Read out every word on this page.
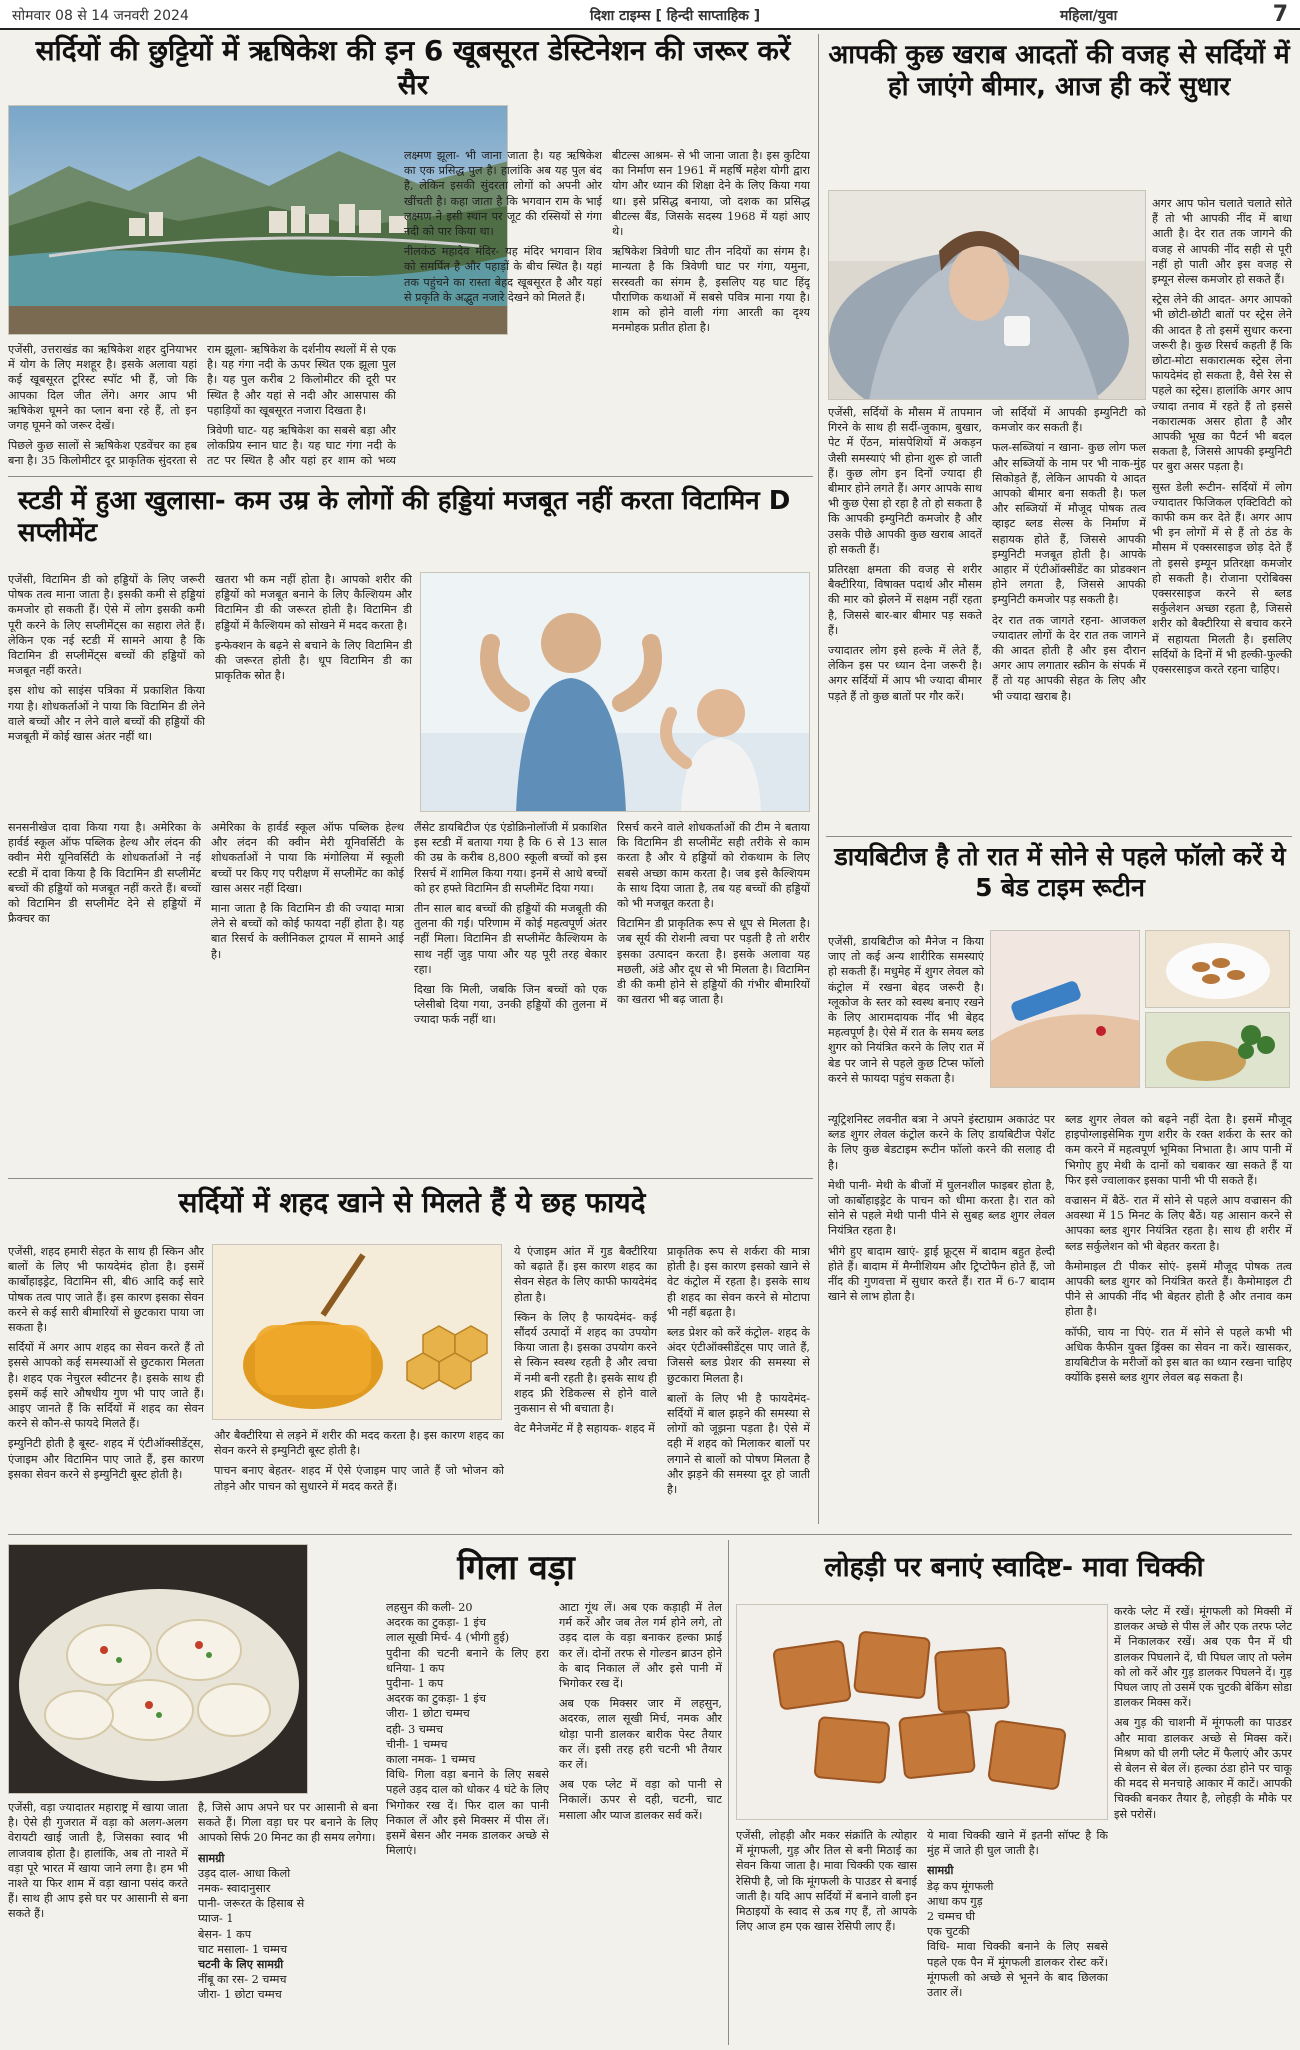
सोमवार 08 से 14 जनवरी 2024	दिशा टाइम्स [ हिन्दी साप्ताहिक ]	महिला/युवा	7
सर्दियों की छुट्टियों में ऋषिकेश की इन 6 खूबसूरत डेस्टिनेशन की जरूर करें सैर

एजेंसी, उत्तराखंड का ऋषिकेश शहर दुनियाभर में योग के लिए मशहूर है। इसके अलावा यहां कई खूबसूरत टूरिस्ट स्पॉट भी हैं, जो कि आपका दिल जीत लेंगे। अगर आप भी ऋषिकेश घूमने का प्लान बना रहे हैं, तो इन जगह घूमने को जरूर देखें।

पिछले कुछ सालों से ऋषिकेश एडवेंचर का हब बना है। 35 किलोमीटर दूर प्राकृतिक सुंदरता से

राम झूला- ऋषिकेश के दर्शनीय स्थलों में से एक है। यह गंगा नदी के ऊपर स्थित एक झूला पुल है। यह पुल करीब 2 किलोमीटर की दूरी पर स्थित है और यहां से नदी और आसपास की पहाड़ियों का खूबसूरत नजारा दिखता है।

त्रिवेणी घाट- यह ऋषिकेश का सबसे बड़ा और लोकप्रिय स्नान घाट है। यह घाट गंगा नदी के तट पर स्थित है और यहां हर शाम को भव्य

लक्ष्मण झूला- भी जाना जाता है। यह ऋषिकेश का एक प्रसिद्ध पुल है। हालांकि अब यह पुल बंद है, लेकिन इसकी सुंदरता लोगों को अपनी ओर खींचती है। कहा जाता है कि भगवान राम के भाई लक्ष्मण ने इसी स्थान पर जूट की रस्सियों से गंगा नदी को पार किया था।

नीलकंठ महादेव मंदिर- यह मंदिर भगवान शिव को समर्पित है और पहाड़ों के बीच स्थित है। यहां तक पहुंचने का रास्ता बेहद खूबसूरत है और यहां से प्रकृति के अद्भुत नजारे देखने को मिलते हैं।

बीटल्स आश्रम- से भी जाना जाता है। इस कुटिया का निर्माण सन 1961 में महर्षि महेश योगी द्वारा योग और ध्यान की शिक्षा देने के लिए किया गया था। इसे प्रसिद्ध बनाया, जो दशक का प्रसिद्ध बीटल्स बैंड, जिसके सदस्य 1968 में यहां आए थे।

ऋषिकेश त्रिवेणी घाट तीन नदियों का संगम है। मान्यता है कि त्रिवेणी घाट पर गंगा, यमुना, सरस्वती का संगम है, इसलिए यह घाट हिंदू पौराणिक कथाओं में सबसे पवित्र माना गया है। शाम को होने वाली गंगा आरती का दृश्य मनमोहक प्रतीत होता है।

आपकी कुछ खराब आदतों की वजह से सर्दियों में हो जाएंगे बीमार, आज ही करें सुधार

अगर आप फोन चलाते चलाते सोते हैं तो भी आपकी नींद में बाधा आती है। देर रात तक जागने की वजह से आपकी नींद सही से पूरी नहीं हो पाती और इस वजह से इम्यून सेल्स कमजोर हो सकते हैं।

स्ट्रेस लेने की आदत- अगर आपको भी छोटी-छोटी बातों पर स्ट्रेस लेने की आदत है तो इसमें सुधार करना जरूरी है। कुछ रिसर्च कहती हैं कि छोटा-मोटा सकारात्मक स्ट्रेस लेना फायदेमंद हो सकता है, वैसे रेस से पहले का स्ट्रेस। हालांकि अगर आप ज्यादा तनाव में रहते हैं तो इससे नकारात्मक असर होता है और आपकी भूख का पैटर्न भी बदल सकता है, जिससे आपकी इम्युनिटी पर बुरा असर पड़ता है।

सुस्त डेली रूटीन- सर्दियों में लोग ज्यादातर फिजिकल एक्टिविटी को काफी कम कर देते हैं। अगर आप भी इन लोगों में से हैं तो ठंड के मौसम में एक्सरसाइज छोड़ देते हैं तो इससे इम्यून प्रतिरक्षा कमजोर हो सकती है। रोजाना एरोबिक्स एक्सरसाइज करने से ब्लड सर्कुलेशन अच्छा रहता है, जिससे शरीर को बैक्टीरिया से बचाव करने में सहायता मिलती है। इसलिए सर्दियों के दिनों में भी हल्की-फुल्की एक्सरसाइज करते रहना चाहिए।

एजेंसी, सर्दियों के मौसम में तापमान गिरने के साथ ही सर्दी-जुकाम, बुखार, पेट में ऐंठन, मांसपेशियों में अकड़न जैसी समस्याएं भी होना शुरू हो जाती हैं। कुछ लोग इन दिनों ज्यादा ही बीमार होने लगते हैं। अगर आपके साथ भी कुछ ऐसा हो रहा है तो हो सकता है कि आपकी इम्युनिटी कमजोर है और उसके पीछे आपकी कुछ खराब आदतें हो सकती हैं।

प्रतिरक्षा क्षमता की वजह से शरीर बैक्टीरिया, विषाक्त पदार्थ और मौसम की मार को झेलने में सक्षम नहीं रहता है, जिससे बार-बार बीमार पड़ सकते हैं।

ज्यादातर लोग इसे हल्के में लेते हैं, लेकिन इस पर ध्यान देना जरूरी है। अगर सर्दियों में आप भी ज्यादा बीमार पड़ते हैं तो कुछ बातों पर गौर करें।

जो सर्दियों में आपकी इम्युनिटी को कमजोर कर सकती हैं।

फल-सब्जियां न खाना- कुछ लोग फल और सब्जियों के नाम पर भी नाक-मुंह सिकोड़ते हैं, लेकिन आपकी ये आदत आपको बीमार बना सकती है। फल और सब्जियों में मौजूद पोषक तत्व व्हाइट ब्लड सेल्स के निर्माण में सहायक होते हैं, जिससे आपकी इम्युनिटी मजबूत होती है। आपके आहार में एंटीऑक्सीडेंट का प्रोडक्शन होने लगता है, जिससे आपकी इम्युनिटी कमजोर पड़ सकती है।

देर रात तक जागते रहना- आजकल ज्यादातर लोगों के देर रात तक जागने की आदत होती है और इस दौरान अगर आप लगातार स्क्रीन के संपर्क में हैं तो यह आपकी सेहत के लिए और भी ज्यादा खराब है।

स्टडी में हुआ खुलासा- कम उम्र के लोगों की हड्डियां मजबूत नहीं करता विटामिन D सप्लीमेंट

एजेंसी, विटामिन डी को हड्डियों के लिए जरूरी पोषक तत्व माना जाता है। इसकी कमी से हड्डियां कमजोर हो सकती हैं। ऐसे में लोग इसकी कमी पूरी करने के लिए सप्लीमेंट्स का सहारा लेते हैं। लेकिन एक नई स्टडी में सामने आया है कि विटामिन डी सप्लीमेंट्स बच्चों की हड्डियों को मजबूत नहीं करते।

इस शोध को साइंस पत्रिका में प्रकाशित किया गया है। शोधकर्ताओं ने पाया कि विटामिन डी लेने वाले बच्चों और न लेने वाले बच्चों की हड्डियों की मजबूती में कोई खास अंतर नहीं था।

खतरा भी कम नहीं होता है। आपको शरीर की हड्डियों को मजबूत बनाने के लिए कैल्शियम और विटामिन डी की जरूरत होती है। विटामिन डी हड्डियों में कैल्शियम को सोखने में मदद करता है।

इन्फेक्शन के बढ़ने से बचाने के लिए विटामिन डी की जरूरत होती है। धूप विटामिन डी का प्राकृतिक स्रोत है।

सनसनीखेज दावा किया गया है। अमेरिका के हार्वर्ड स्कूल ऑफ पब्लिक हेल्थ और लंदन की क्वीन मेरी यूनिवर्सिटी के शोधकर्ताओं ने नई स्टडी में दावा किया है कि विटामिन डी सप्लीमेंट बच्चों की हड्डियों को मजबूत नहीं करते हैं। बच्चों को विटामिन डी सप्लीमेंट देने से हड्डियों में फ्रैक्चर का

अमेरिका के हार्वर्ड स्कूल ऑफ पब्लिक हेल्थ और लंदन की क्वीन मेरी यूनिवर्सिटी के शोधकर्ताओं ने पाया कि मंगोलिया में स्कूली बच्चों पर किए गए परीक्षण में सप्लीमेंट का कोई खास असर नहीं दिखा।

माना जाता है कि विटामिन डी की ज्यादा मात्रा लेने से बच्चों को कोई फायदा नहीं होता है। यह बात रिसर्च के क्लीनिकल ट्रायल में सामने आई है।

लैंसेट डायबिटीज एंड एंडोक्रिनोलॉजी में प्रकाशित इस स्टडी में बताया गया है कि 6 से 13 साल की उम्र के करीब 8,800 स्कूली बच्चों को इस रिसर्च में शामिल किया गया। इनमें से आधे बच्चों को हर हफ्ते विटामिन डी सप्लीमेंट दिया गया।

तीन साल बाद बच्चों की हड्डियों की मजबूती की तुलना की गई। परिणाम में कोई महत्वपूर्ण अंतर नहीं मिला। विटामिन डी सप्लीमेंट कैल्शियम के साथ नहीं जुड़ पाया और यह पूरी तरह बेकार रहा।

दिखा कि मिली, जबकि जिन बच्चों को एक प्लेसीबो दिया गया, उनकी हड्डियों की तुलना में ज्यादा फर्क नहीं था।

रिसर्च करने वाले शोधकर्ताओं की टीम ने बताया कि विटामिन डी सप्लीमेंट सही तरीके से काम करता है और ये हड्डियों को रोकथाम के लिए सबसे अच्छा काम करता है। जब इसे कैल्शियम के साथ दिया जाता है, तब यह बच्चों की हड्डियों को भी मजबूत करता है।

विटामिन डी प्राकृतिक रूप से धूप से मिलता है। जब सूर्य की रोशनी त्वचा पर पड़ती है तो शरीर इसका उत्पादन करता है। इसके अलावा यह मछली, अंडे और दूध से भी मिलता है। विटामिन डी की कमी होने से हड्डियों की गंभीर बीमारियों का खतरा भी बढ़ जाता है।

डायबिटीज है तो रात में सोने से पहले फॉलो करें ये 5 बेड टाइम रूटीन

एजेंसी, डायबिटीज को मैनेज न किया जाए तो कई अन्य शारीरिक समस्याएं हो सकती हैं। मधुमेह में शुगर लेवल को कंट्रोल में रखना बेहद जरूरी है। ग्लूकोज के स्तर को स्वस्थ बनाए रखने के लिए आरामदायक नींद भी बेहद महत्वपूर्ण है। ऐसे में रात के समय ब्लड शुगर को नियंत्रित करने के लिए रात में बेड पर जाने से पहले कुछ टिप्स फॉलो करने से फायदा पहुंच सकता है।

न्यूट्रिशनिस्ट लवनीत बत्रा ने अपने इंस्टाग्राम अकाउंट पर ब्लड शुगर लेवल कंट्रोल करने के लिए डायबिटीज पेशेंट के लिए कुछ बेडटाइम रूटीन फॉलो करने की सलाह दी है।

मेथी पानी- मेथी के बीजों में घुलनशील फाइबर होता है, जो कार्बोहाइड्रेट के पाचन को धीमा करता है। रात को सोने से पहले मेथी पानी पीने से सुबह ब्लड शुगर लेवल नियंत्रित रहता है।

भीगे हुए बादाम खाएं- ड्राई फ्रूट्स में बादाम बहुत हेल्दी होते हैं। बादाम में मैग्नीशियम और ट्रिप्टोफैन होते हैं, जो नींद की गुणवत्ता में सुधार करते हैं। रात में 6-7 बादाम खाने से लाभ होता है।

ब्लड शुगर लेवल को बढ़ने नहीं देता है। इसमें मौजूद हाइपोग्लाइसेमिक गुण शरीर के रक्त शर्करा के स्तर को कम करने में महत्वपूर्ण भूमिका निभाता है। आप पानी में भिगोए हुए मेथी के दानों को चबाकर खा सकते हैं या फिर इसे ज्वालाकर इसका पानी भी पी सकते हैं।

वज्रासन में बैठें- रात में सोने से पहले आप वज्रासन की अवस्था में 15 मिनट के लिए बैठें। यह आसान करने से आपका ब्लड शुगर नियंत्रित रहता है। साथ ही शरीर में ब्लड सर्कुलेशन को भी बेहतर करता है।

कैमोमाइल टी पीकर सोएं- इसमें मौजूद पोषक तत्व आपकी ब्लड शुगर को नियंत्रित करते हैं। कैमोमाइल टी पीने से आपकी नींद भी बेहतर होती है और तनाव कम होता है।

कॉफी, चाय ना पिएं- रात में सोने से पहले कभी भी अधिक कैफीन युक्त ड्रिंक्स का सेवन ना करें। खासकर, डायबिटीज के मरीजों को इस बात का ध्यान रखना चाहिए क्योंकि इससे ब्लड शुगर लेवल बढ़ सकता है।

सर्दियों में शहद खाने से मिलते हैं ये छह फायदे

एजेंसी, शहद हमारी सेहत के साथ ही स्किन और बालों के लिए भी फायदेमंद होता है। इसमें कार्बोहाइड्रेट, विटामिन सी, बी6 आदि कई सारे पोषक तत्व पाए जाते हैं। इस कारण इसका सेवन करने से कई सारी बीमारियों से छुटकारा पाया जा सकता है।

सर्दियों में अगर आप शहद का सेवन करते हैं तो इससे आपको कई समस्याओं से छुटकारा मिलता है। शहद एक नेचुरल स्वीटनर है। इसके साथ ही इसमें कई सारे औषधीय गुण भी पाए जाते हैं। आइए जानते हैं कि सर्दियों में शहद का सेवन करने से कौन-से फायदे मिलते हैं।

इम्युनिटी होती है बूस्ट- शहद में एंटीऑक्सीडेंट्स, एंजाइम और विटामिन पाए जाते हैं, इस कारण इसका सेवन करने से इम्युनिटी बूस्ट होती है।

और बैक्टीरिया से लड़ने में शरीर की मदद करता है। इस कारण शहद का सेवन करने से इम्युनिटी बूस्ट होती है।

पाचन बनाए बेहतर- शहद में ऐसे एंजाइम पाए जाते हैं जो भोजन को तोड़ने और पाचन को सुधारने में मदद करते हैं।

ये एंजाइम आंत में गुड बैक्टीरिया को बढ़ाते हैं। इस कारण शहद का सेवन सेहत के लिए काफी फायदेमंद होता है।

स्किन के लिए है फायदेमंद- कई सौंदर्य उत्पादों में शहद का उपयोग किया जाता है। इसका उपयोग करने से स्किन स्वस्थ रहती है और त्वचा में नमी बनी रहती है। इसके साथ ही शहद फ्री रेडिकल्स से होने वाले नुकसान से भी बचाता है।

वेट मैनेजमेंट में है सहायक- शहद में

प्राकृतिक रूप से शर्करा की मात्रा होती है। इस कारण इसको खाने से वेट कंट्रोल में रहता है। इसके साथ ही शहद का सेवन करने से मोटापा भी नहीं बढ़ता है।

ब्लड प्रेशर को करें कंट्रोल- शहद के अंदर एंटीऑक्सीडेंट्स पाए जाते हैं, जिससे ब्लड प्रेशर की समस्या से छुटकारा मिलता है।

बालों के लिए भी है फायदेमंद- सर्दियों में बाल झड़ने की समस्या से लोगों को जूझना पड़ता है। ऐसे में दही में शहद को मिलाकर बालों पर लगाने से बालों को पोषण मिलता है और झड़ने की समस्या दूर हो जाती है।

गिला वड़ा

एजेंसी, वड़ा ज्यादातर महाराष्ट्र में खाया जाता है। ऐसे ही गुजरात में वड़ा को अलग-अलग वेरायटी खाई जाती है, जिसका स्वाद भी लाजवाब होता है। हालांकि, अब तो नाश्ते में वड़ा पूरे भारत में खाया जाने लगा है। हम भी नाश्ते या फिर शाम में वड़ा खाना पसंद करते हैं। साथ ही आप इसे घर पर आसानी से बना सकते हैं।

है, जिसे आप अपने घर पर आसानी से बना सकते हैं। गिला वड़ा घर पर बनाने के लिए आपको सिर्फ 20 मिनट का ही समय लगेगा।

सामग्री
उड़द दाल- आधा किलो
नमक- स्वादानुसार
पानी- जरूरत के हिसाब से
प्याज- 1
बेसन- 1 कप
चाट मसाला- 1 चम्मच
चटनी के लिए सामग्री
नींबू का रस- 2 चम्मच
जीरा- 1 छोटा चम्मच
लहसुन की कली- 20
अदरक का टुकड़ा- 1 इंच
लाल सूखी मिर्च- 4 (भीगी हुई)
पुदीना की चटनी बनाने के लिए हरा धनिया- 1 कप
पुदीना- 1 कप
अदरक का टुकड़ा- 1 इंच
जीरा- 1 छोटा चम्मच
दही- 3 चम्मच
चीनी- 1 चम्मच
काला नमक- 1 चम्मच

विधि- गिला वड़ा बनाने के लिए सबसे पहले उड़द दाल को धोकर 4 घंटे के लिए भिगोकर रख दें। फिर दाल का पानी निकाल लें और इसे मिक्सर में पीस लें। इसमें बेसन और नमक डालकर अच्छे से मिलाएं।

आटा गूंथ लें। अब एक कड़ाही में तेल गर्म करें और जब तेल गर्म होने लगे, तो उड़द दाल के वड़ा बनाकर हल्का फ्राई कर लें। दोनों तरफ से गोल्डन ब्राउन होने के बाद निकाल लें और इसे पानी में भिगोकर रख दें।

अब एक मिक्सर जार में लहसुन, अदरक, लाल सूखी मिर्च, नमक और थोड़ा पानी डालकर बारीक पेस्ट तैयार कर लें। इसी तरह हरी चटनी भी तैयार कर लें।

अब एक प्लेट में वड़ा को पानी से निकालें। ऊपर से दही, चटनी, चाट मसाला और प्याज डालकर सर्व करें।

लोहड़ी पर बनाएं स्वादिष्ट- मावा चिक्की

करके प्लेट में रखें। मूंगफली को मिक्सी में डालकर अच्छे से पीस लें और एक तरफ प्लेट में निकालकर रखें। अब एक पैन में घी डालकर पिघलाने दें, घी पिघल जाए तो फ्लेम को लो करें और गुड़ डालकर पिघलने दें। गुड़ पिघल जाए तो उसमें एक चुटकी बेकिंग सोडा डालकर मिक्स करें।

अब गुड़ की चाशनी में मूंगफली का पाउडर और मावा डालकर अच्छे से मिक्स करें। मिश्रण को घी लगी प्लेट में फैलाएं और ऊपर से बेलन से बेल लें। हल्का ठंडा होने पर चाकू की मदद से मनचाहे आकार में काटें। आपकी चिक्की बनकर तैयार है, लोहड़ी के मौके पर इसे परोसें।

एजेंसी, लोहड़ी और मकर संक्रांति के त्योहार में मूंगफली, गुड़ और तिल से बनी मिठाई का सेवन किया जाता है। मावा चिक्की एक खास रेसिपी है, जो कि मूंगफली के पाउडर से बनाई जाती है। यदि आप सर्दियों में बनाने वाली इन मिठाइयों के स्वाद से ऊब गए हैं, तो आपके लिए आज हम एक खास रेसिपी लाए हैं।

ये मावा चिक्की खाने में इतनी सॉफ्ट है कि मुंह में जाते ही घुल जाती है।

सामग्री
डेढ़ कप मूंगफली
आधा कप गुड़
2 चम्मच घी
एक चुटकी

विधि- मावा चिक्की बनाने के लिए सबसे पहले एक पैन में मूंगफली डालकर रोस्ट करें। मूंगफली को अच्छे से भूनने के बाद छिलका उतार लें।
